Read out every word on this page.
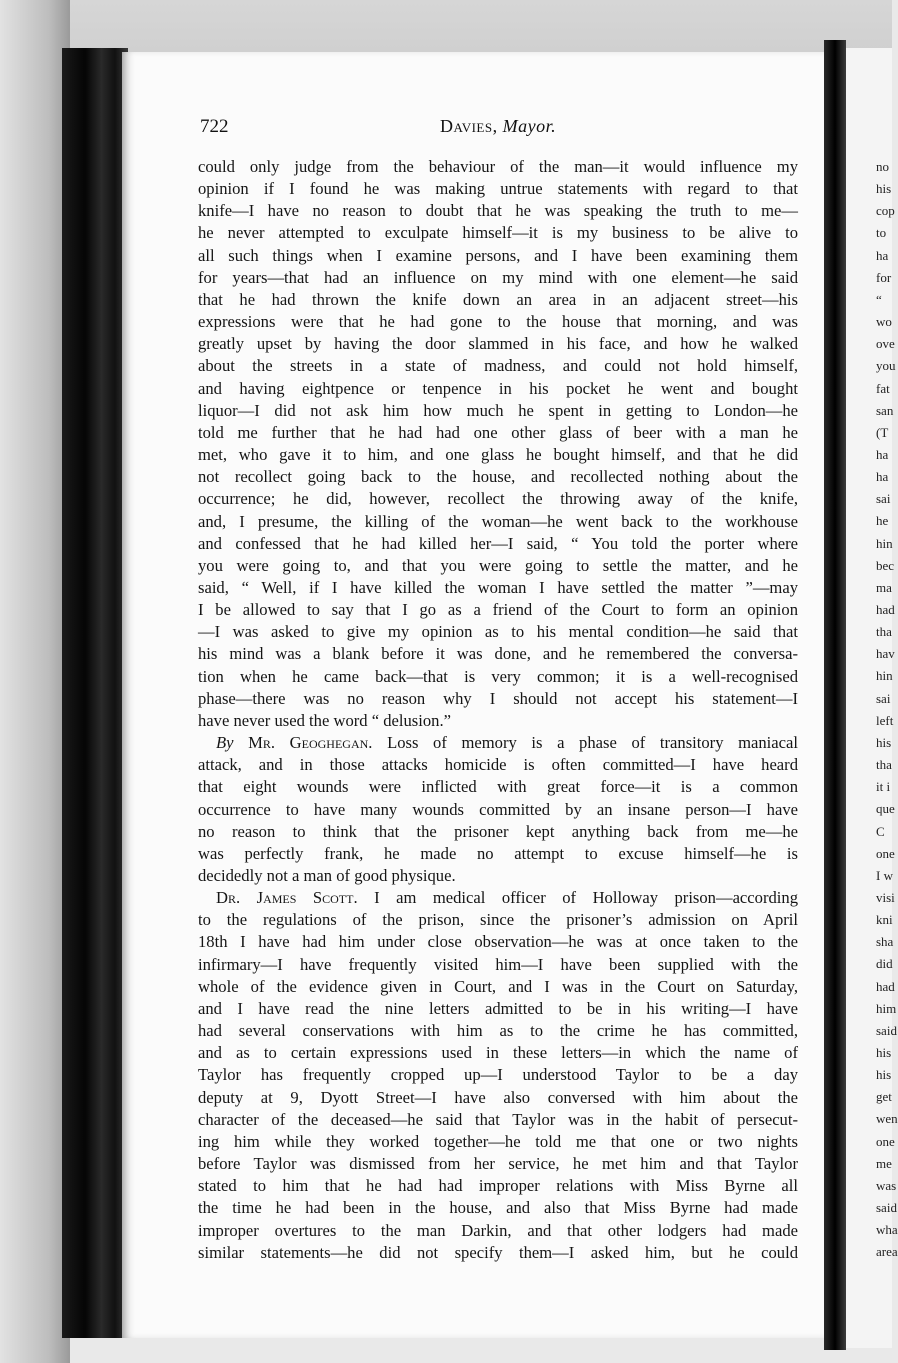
no
his
cop
to
ha
for
“
wo
ove
you
fat
san
(T
ha
ha
sai
he
hin
bec
ma
had
tha
hav
hin
sai
left
his
tha
it i
que
C
one
I w
visi
kni
sha
did
had
him
said
his
his
get
wen
one
me
was
said
wha
area
722	Davies, Mayor.
could only judge from the behaviour of the man—it would influence my
opinion if I found he was making untrue statements with regard to that
knife—I have no reason to doubt that he was speaking the truth to me—
he never attempted to exculpate himself—it is my business to be alive to
all such things when I examine persons, and I have been examining them
for years—that had an influence on my mind with one element—he said
that he had thrown the knife down an area in an adjacent street—his
expressions were that he had gone to the house that morning, and was
greatly upset by having the door slammed in his face, and how he walked
about the streets in a state of madness, and could not hold himself,
and having eightpence or tenpence in his pocket he went and bought
liquor—I did not ask him how much he spent in getting to London—he
told me further that he had had one other glass of beer with a man he
met, who gave it to him, and one glass he bought himself, and that he did
not recollect going back to the house, and recollected nothing about the
occurrence; he did, however, recollect the throwing away of the knife,
and, I presume, the killing of the woman—he went back to the workhouse
and confessed that he had killed her—I said, “ You told the porter where
you were going to, and that you were going to settle the matter, and he
said, “ Well, if I have killed the woman I have settled the matter ”—may
I be allowed to say that I go as a friend of the Court to form an opinion
—I was asked to give my opinion as to his mental condition—he said that
his mind was a blank before it was done, and he remembered the conversa-
tion when he came back—that is very common; it is a well-recognised
phase—there was no reason why I should not accept his statement—I
have never used the word “ delusion.”
By Mr. Geoghegan. Loss of memory is a phase of transitory maniacal
attack, and in those attacks homicide is often committed—I have heard
that eight wounds were inflicted with great force—it is a common
occurrence to have many wounds committed by an insane person—I have
no reason to think that the prisoner kept anything back from me—he
was perfectly frank, he made no attempt to excuse himself—he is
decidedly not a man of good physique.
Dr. James Scott. I am medical officer of Holloway prison—according
to the regulations of the prison, since the prisoner’s admission on April
18th I have had him under close observation—he was at once taken to the
infirmary—I have frequently visited him—I have been supplied with the
whole of the evidence given in Court, and I was in the Court on Saturday,
and I have read the nine letters admitted to be in his writing—I have
had several conservations with him as to the crime he has committed,
and as to certain expressions used in these letters—in which the name of
Taylor has frequently cropped up—I understood Taylor to be a day
deputy at 9, Dyott Street—I have also conversed with him about the
character of the deceased—he said that Taylor was in the habit of persecut-
ing him while they worked together—he told me that one or two nights
before Taylor was dismissed from her service, he met him and that Taylor
stated to him that he had had improper relations with Miss Byrne all
the time he had been in the house, and also that Miss Byrne had made
improper overtures to the man Darkin, and that other lodgers had made
similar statements—he did not specify them—I asked him, but he could
